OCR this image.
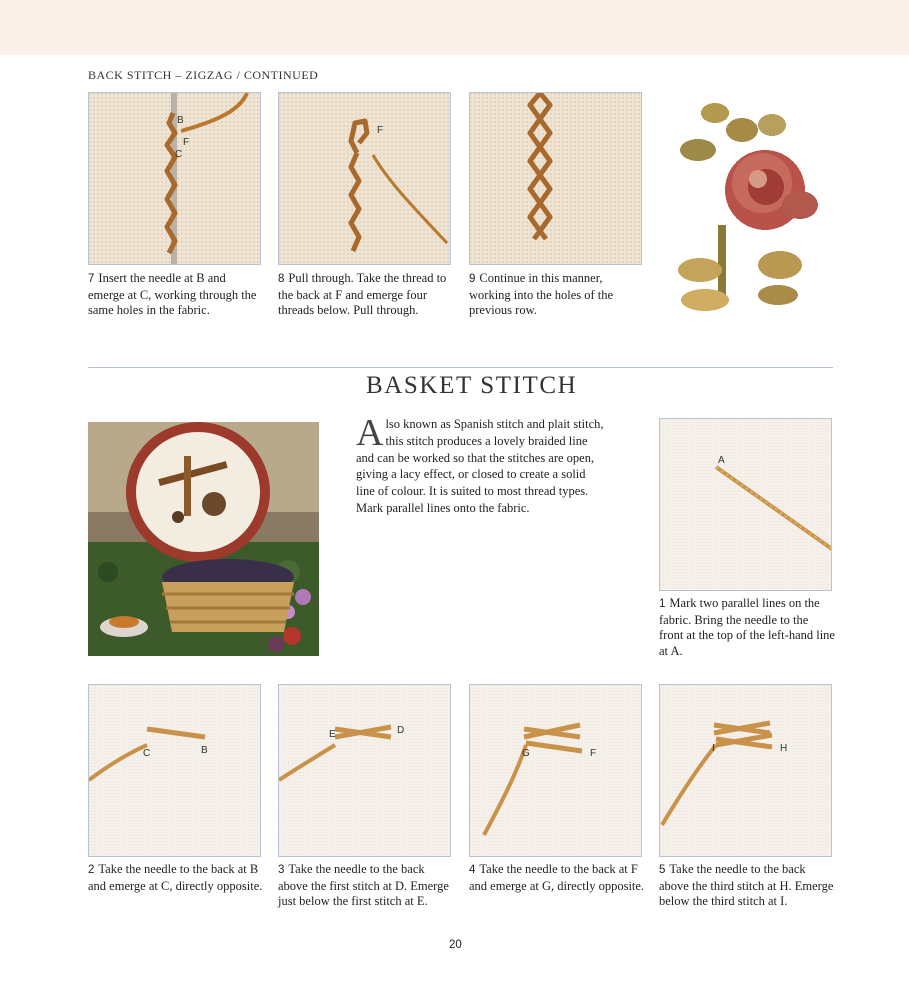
BACK STITCH – ZIGZAG / CONTINUED
B
F
C
7 Insert the needle at B and emerge at C, working through the same holes in the fabric.
F
8 Pull through. Take the thread to the back at F and emerge four threads below. Pull through.
9 Continue in this manner, working into the holes of the previous row.
BASKET STITCH
Also known as Spanish stitch and plait stitch, this stitch produces a lovely braided line and can be worked so that the stitches are open, giving a lacy effect, or closed to create a solid line of colour. It is suited to most thread types. Mark parallel lines onto the fabric.
A
1 Mark two parallel lines on the fabric. Bring the needle to the front at the top of the left-hand line at A.
C	B
2 Take the needle to the back at B and emerge at C, directly opposite.
E	D
3 Take the needle to the back above the first stitch at D. Emerge just below the first stitch at E.
G	F
4 Take the needle to the back at F and emerge at G, directly opposite.
I	H
5 Take the needle to the back above the third stitch at H. Emerge below the third stitch at I.
20
